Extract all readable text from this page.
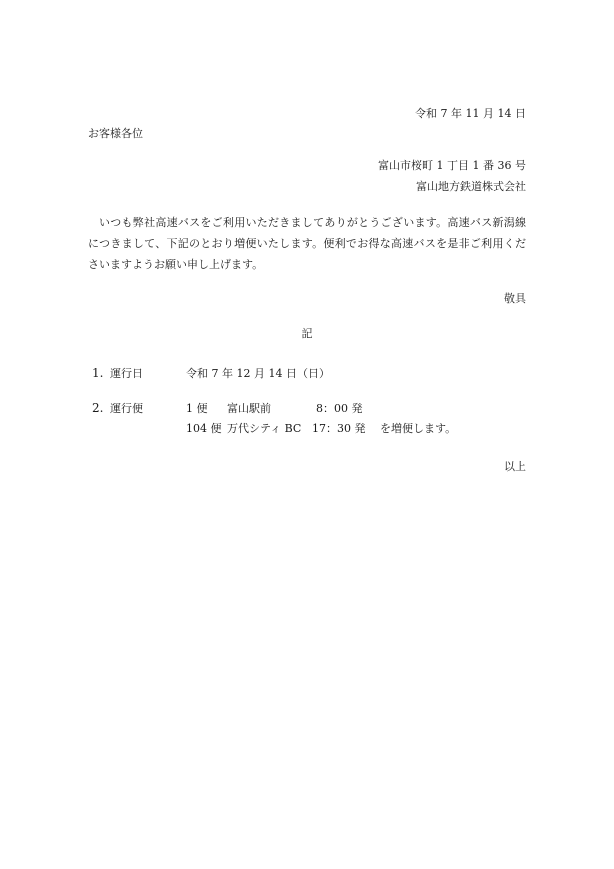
令和 7 年 11 月 14 日
お客様各位
富山市桜町 1 丁目 1 番 36 号
富山地方鉄道株式会社
いつも弊社高速バスをご利用いただきましてありがとうございます。高速バス新潟線につきまして、下記のとおり増便いたします。便利でお得な高速バスを是非ご利用くださいますようお願い申し上げます。
敬具
記
1. 運行日	令和 7 年 12 月 14 日（日）
2. 運行便	1 便 富山駅前	8：00 発
104 便 万代シティ BC 17：30 発 を増便します。
以上
